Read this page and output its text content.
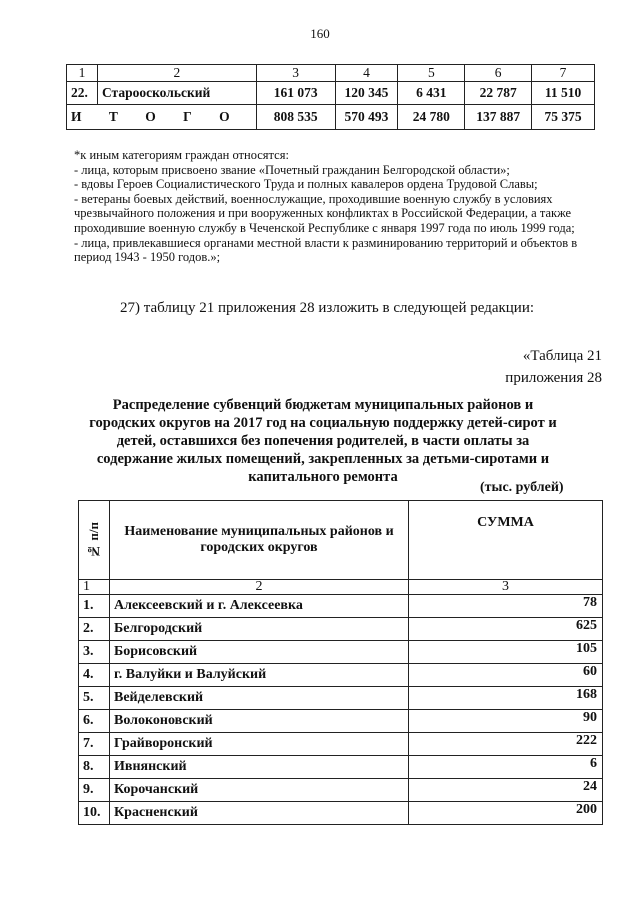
160
1	2	3	4	5	6	7
22.	Старооскольский	161 073	120 345	6 431	22 787	11 510
И Т О Г О		808 535	570 493	24 780	137 887	75 375

*к иным категориям граждан относятся:

- лица, которым присвоено звание «Почетный гражданин Белгородской области»;

- вдовы Героев Социалистического Труда и полных кавалеров ордена Трудовой Славы;

- ветераны боевых действий, военнослужащие, проходившие военную службу в условиях чрезвычайного положения и при вооруженных конфликтах в Российской Федерации, а также проходившие военную службу в Чеченской Республике с января 1997 года по июль 1999 года;

- лица, привлекавшиеся органами местной власти к разминированию территорий и объектов в период 1943 - 1950 годов.»;

27) таблицу 21 приложения 28 изложить в следующей редакции:
«Таблица 21
приложения 28
Распределение субвенций бюджетам муниципальных районов и городских округов на 2017 год на социальную поддержку детей-сирот и детей, оставшихся без попечения родителей, в части оплаты за содержание жилых помещений, закрепленных за детьми-сиротами и капитального ремонта
(тыс. рублей)
№ п/п	Наименование муниципальных районов и городских округов	СУММА
1	2	3
1.	Алексеевский и г. Алексеевка	78
2.	Белгородский	625
3.	Борисовский	105
4.	г. Валуйки и Валуйский	60
5.	Вейделевский	168
6.	Волоконовский	90
7.	Грайворонский	222
8.	Ивнянский	6
9.	Корочанский	24
10.	Красненский	200
